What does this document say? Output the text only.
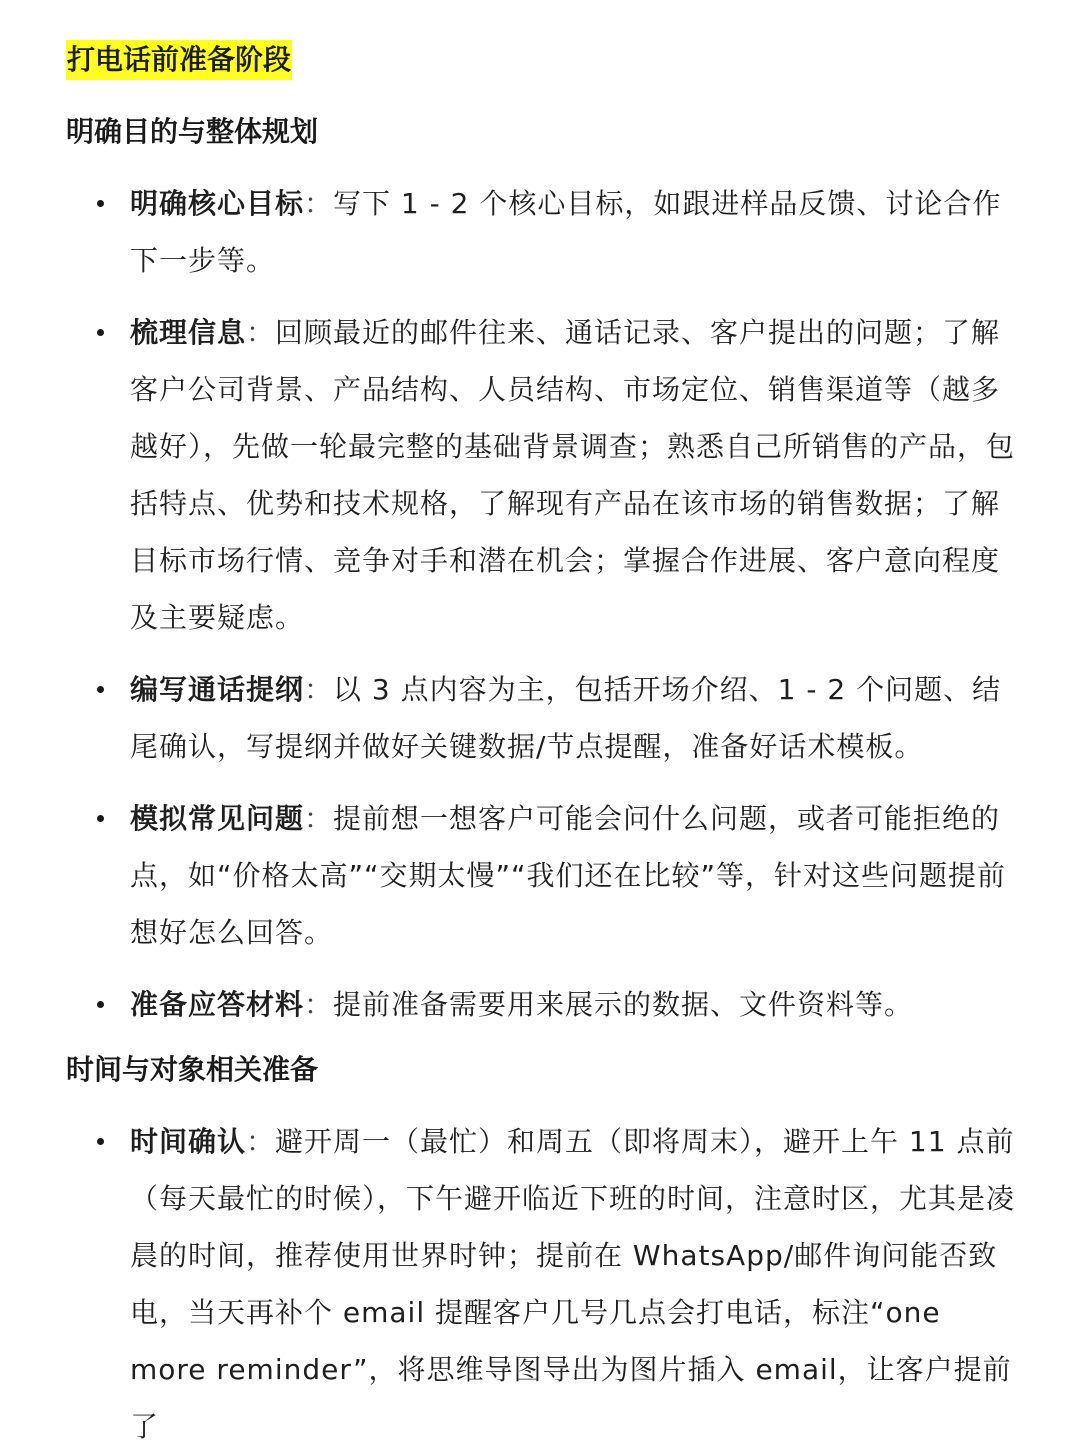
打电话前准备阶段
明确目的与整体规划
明确核心目标：写下 1 - 2 个核心目标，如跟进样品反馈、讨论合作下一步等。
梳理信息：回顾最近的邮件往来、通话记录、客户提出的问题；了解客户公司背景、产品结构、人员结构、市场定位、销售渠道等（越多越好），先做一轮最完整的基础背景调查；熟悉自己所销售的产品，包括特点、优势和技术规格，了解现有产品在该市场的销售数据；了解目标市场行情、竞争对手和潜在机会；掌握合作进展、客户意向程度及主要疑虑。
编写通话提纲：以 3 点内容为主，包括开场介绍、1 - 2 个问题、结尾确认，写提纲并做好关键数据/节点提醒，准备好话术模板。
模拟常见问题：提前想一想客户可能会问什么问题，或者可能拒绝的点，如“价格太高”“交期太慢”“我们还在比较”等，针对这些问题提前想好怎么回答。
准备应答材料：提前准备需要用来展示的数据、文件资料等。
时间与对象相关准备
时间确认：避开周一（最忙）和周五（即将周末），避开上午 11 点前（每天最忙的时候），下午避开临近下班的时间，注意时区，尤其是凌晨的时间，推荐使用世界时钟；提前在 WhatsApp/邮件询问能否致电，当天再补个 email 提醒客户几号几点会打电话，标注“one more reminder”，将思维导图导出为图片插入 email，让客户提前了
